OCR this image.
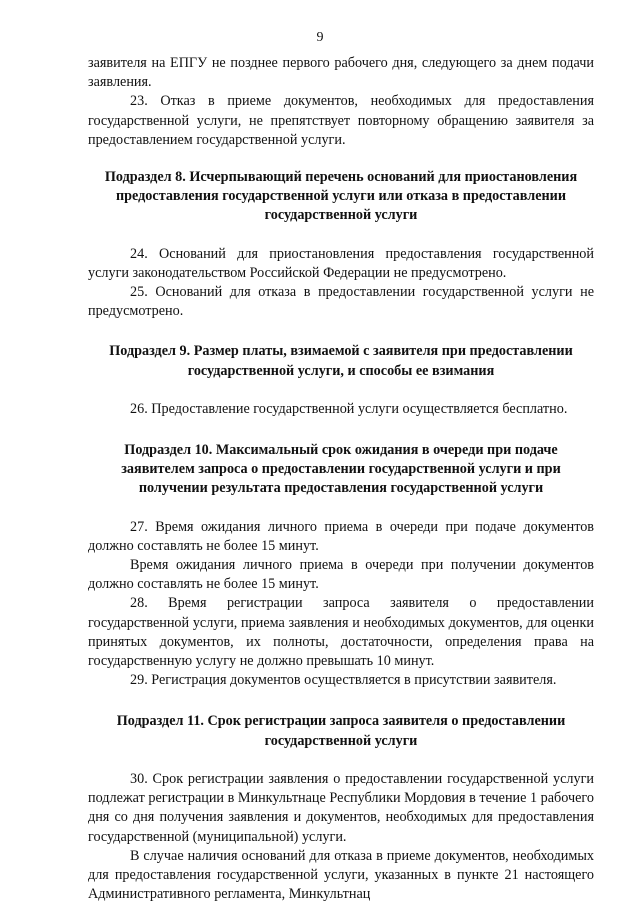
9

заявителя на ЕПГУ не позднее первого рабочего дня, следующего за днем подачи заявления.

23. Отказ в приеме документов, необходимых для предоставления государственной услуги, не препятствует повторному обращению заявителя за предоставлением государственной услуги.

Подраздел 8. Исчерпывающий перечень оснований для приостановления предоставления государственной услуги или отказа в предоставлении государственной услуги

24. Оснований для приостановления предоставления государственной услуги законодательством Российской Федерации не предусмотрено.

25. Оснований для отказа в предоставлении государственной услуги не предусмотрено.

Подраздел 9. Размер платы, взимаемой с заявителя при предоставлении государственной услуги, и способы ее взимания

26. Предоставление государственной услуги осуществляется бесплатно.

Подраздел 10. Максимальный срок ожидания в очереди при подаче заявителем запроса о предоставлении государственной услуги и при получении результата предоставления государственной услуги

27. Время ожидания личного приема в очереди при подаче документов должно составлять не более 15 минут.

Время ожидания личного приема в очереди при получении документов должно составлять не более 15 минут.

28. Время регистрации запроса заявителя о предоставлении государственной услуги, приема заявления и необходимых документов, для оценки принятых документов, их полноты, достаточности, определения права на государственную услугу не должно превышать 10 минут.

29. Регистрация документов осуществляется в присутствии заявителя.

Подраздел 11. Срок регистрации запроса заявителя о предоставлении государственной услуги

30. Срок регистрации заявления о предоставлении государственной услуги подлежат регистрации в Минкультнаце Республики Мордовия в течение 1 рабочего дня со дня получения заявления и документов, необходимых для предоставления государственной (муниципальной) услуги.

В случае наличия оснований для отказа в приеме документов, необходимых для предоставления государственной услуги, указанных в пункте 21 настоящего Административного регламента, Минкультнац
